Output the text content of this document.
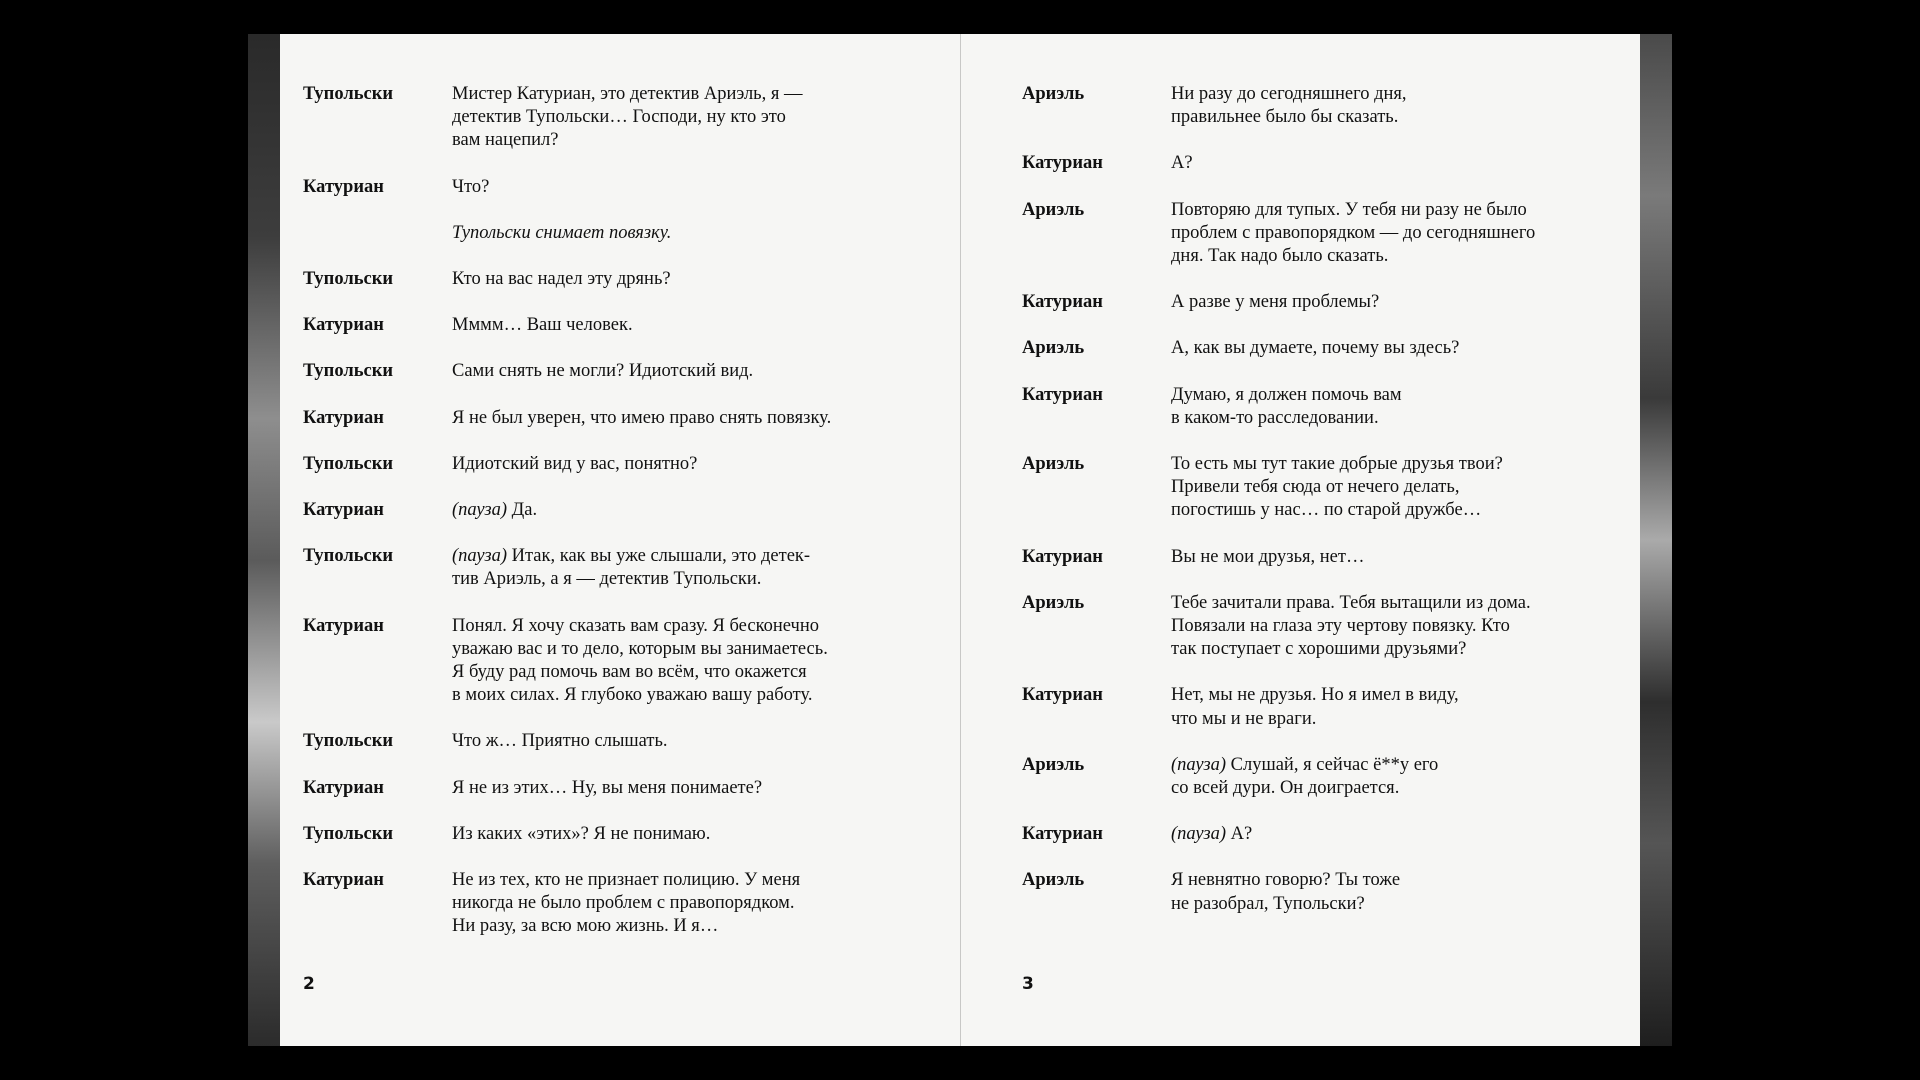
Тупольски	Мистер Катуриан, это детектив Ариэль, я —
детектив Тупольски… Господи, ну кто это
вам нацепил?
Катуриан	Что?
Тупольски снимает повязку.
Тупольски	Кто на вас надел эту дрянь?
Катуриан	Мммм… Ваш человек.
Тупольски	Сами снять не могли? Идиотский вид.
Катуриан	Я не был уверен, что имею право снять повязку.
Тупольски	Идиотский вид у вас, понятно?
Катуриан	(пауза) Да.
Тупольски	(пауза) Итак, как вы уже слышали, это детек-
тив Ариэль, а я — детектив Тупольски.
Катуриан	Понял. Я хочу сказать вам сразу. Я бесконечно
уважаю вас и то дело, которым вы занимаетесь.
Я буду рад помочь вам во всём, что окажется
в моих силах. Я глубоко уважаю вашу работу.
Тупольски	Что ж… Приятно слышать.
Катуриан	Я не из этих… Ну, вы меня понимаете?
Тупольски	Из каких «этих»? Я не понимаю.
Катуриан	Не из тех, кто не признает полицию. У меня
никогда не было проблем с правопорядком.
Ни разу, за всю мою жизнь. И я…
2
Ариэль	Ни разу до сегодняшнего дня,
правильнее было бы сказать.
Катуриан	А?
Ариэль	Повторяю для тупых. У тебя ни разу не было
проблем с правопорядком — до сегодняшнего
дня. Так надо было сказать.
Катуриан	А разве у меня проблемы?
Ариэль	А, как вы думаете, почему вы здесь?
Катуриан	Думаю, я должен помочь вам
в каком-то расследовании.
Ариэль	То есть мы тут такие добрые друзья твои?
Привели тебя сюда от нечего делать,
погостишь у нас… по старой дружбе…
Катуриан	Вы не мои друзья, нет…
Ариэль	Тебе зачитали права. Тебя вытащили из дома.
Повязали на глаза эту чертову повязку. Кто
так поступает с хорошими друзьями?
Катуриан	Нет, мы не друзья. Но я имел в виду,
что мы и не враги.
Ариэль	(пауза) Слушай, я сейчас ё**у его
со всей дури. Он доиграется.
Катуриан	(пауза) А?
Ариэль	Я невнятно говорю? Ты тоже
не разобрал, Тупольски?
3
